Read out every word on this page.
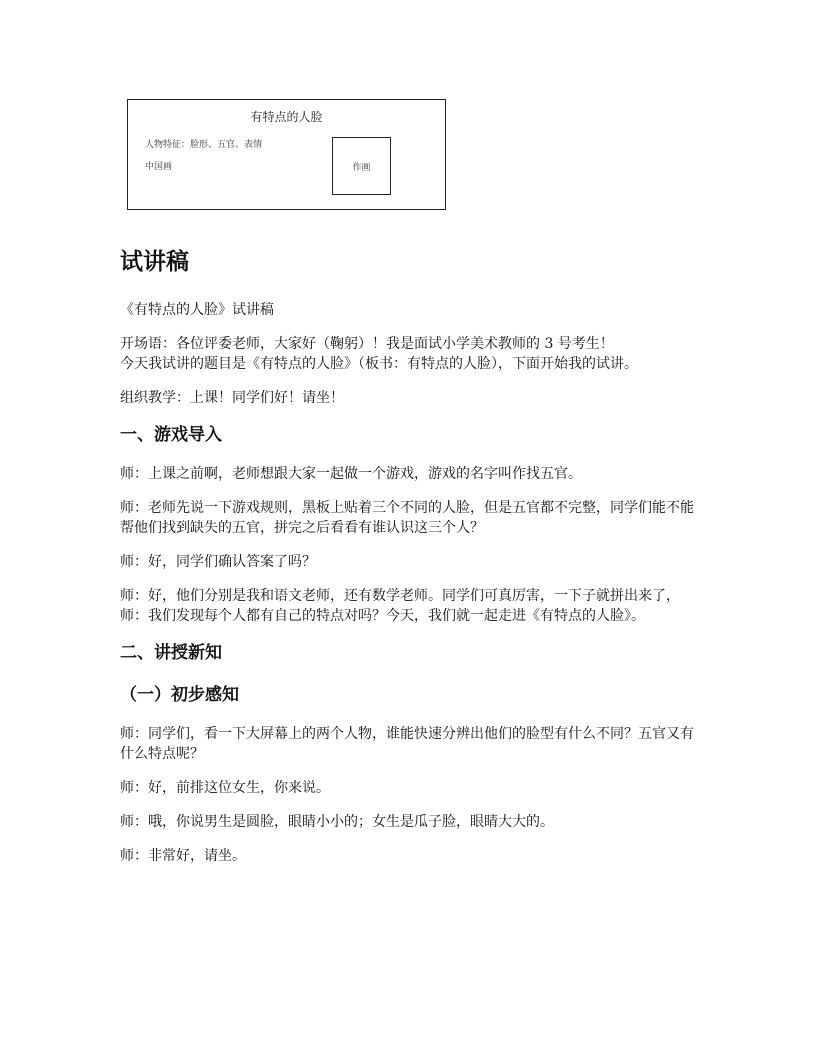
有特点的人脸
人物特征：脸形、五官、表情
中国画	作画
试讲稿

《有特点的人脸》试讲稿

开场语：各位评委老师，大家好（鞠躬）！我是面试小学美术教师的 3 号考生！
今天我试讲的题目是《有特点的人脸》（板书：有特点的人脸），下面开始我的试讲。

组织教学：上课！同学们好！请坐！

一、游戏导入

师：上课之前啊，老师想跟大家一起做一个游戏，游戏的名字叫作找五官。

师：老师先说一下游戏规则，黑板上贴着三个不同的人脸，但是五官都不完整，同学们能不能帮他们找到缺失的五官，拼完之后看看有谁认识这三个人？

师：好，同学们确认答案了吗？

师：好，他们分别是我和语文老师，还有数学老师。同学们可真厉害，一下子就拼出来了，师：我们发现每个人都有自己的特点对吗？今天，我们就一起走进《有特点的人脸》。

二、讲授新知
（一）初步感知

师：同学们，看一下大屏幕上的两个人物，谁能快速分辨出他们的脸型有什么不同？五官又有什么特点呢？

师：好，前排这位女生，你来说。

师：哦，你说男生是圆脸，眼睛小小的；女生是瓜子脸，眼睛大大的。

师：非常好，请坐。
